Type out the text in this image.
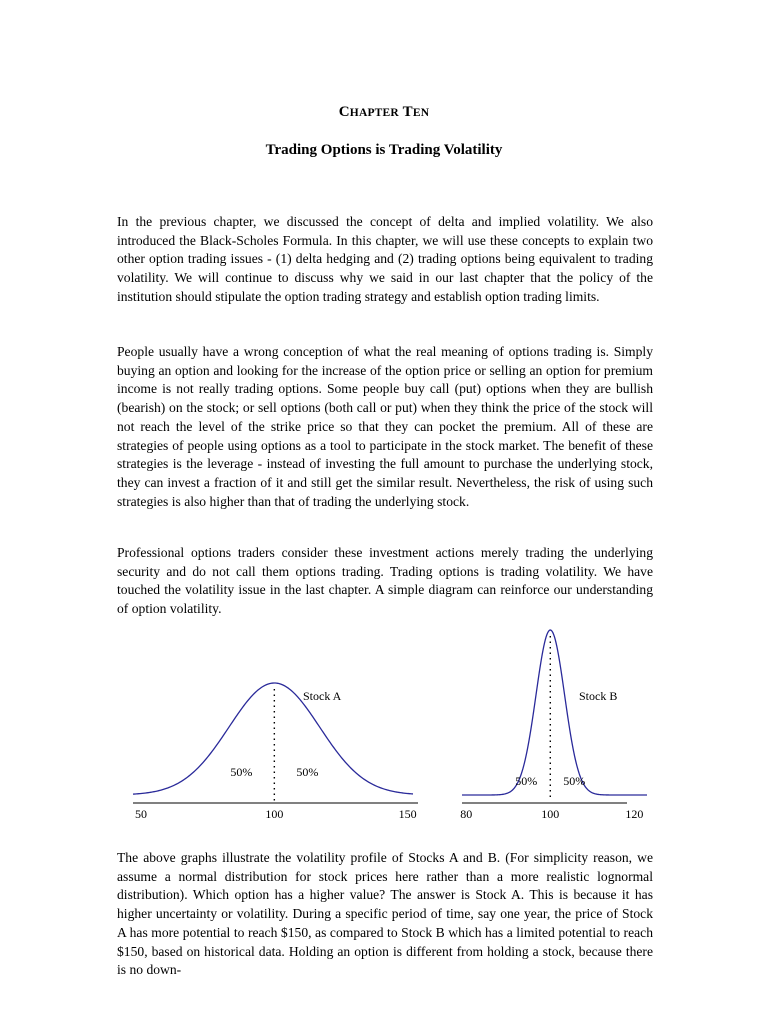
CHAPTER TEN
Trading Options is Trading Volatility

In the previous chapter, we discussed the concept of delta and implied volatility. We also introduced the Black-Scholes Formula. In this chapter, we will use these concepts to explain two other option trading issues - (1) delta hedging and (2) trading options being equivalent to trading volatility. We will continue to discuss why we said in our last chapter that the policy of the institution should stipulate the option trading strategy and establish option trading limits.

People usually have a wrong conception of what the real meaning of options trading is. Simply buying an option and looking for the increase of the option price or selling an option for premium income is not really trading options. Some people buy call (put) options when they are bullish (bearish) on the stock; or sell options (both call or put) when they think the price of the stock will not reach the level of the strike price so that they can pocket the premium. All of these are strategies of people using options as a tool to participate in the stock market. The benefit of these strategies is the leverage - instead of investing the full amount to purchase the underlying stock, they can invest a fraction of it and still get the similar result. Nevertheless, the risk of using such strategies is also higher than that of trading the underlying stock.

Professional options traders consider these investment actions merely trading the underlying security and do not call them options trading. Trading options is trading volatility. We have touched the volatility issue in the last chapter. A simple diagram can reinforce our understanding of option volatility.

Stock A
50%	50%
50	100	150
Stock B
50% 50%
80	100	120

The above graphs illustrate the volatility profile of Stocks A and B. (For simplicity reason, we assume a normal distribution for stock prices here rather than a more realistic lognormal distribution). Which option has a higher value? The answer is Stock A. This is because it has higher uncertainty or volatility. During a specific period of time, say one year, the price of Stock A has more potential to reach $150, as compared to Stock B which has a limited potential to reach $150, based on historical data. Holding an option is different from holding a stock, because there is no down-
